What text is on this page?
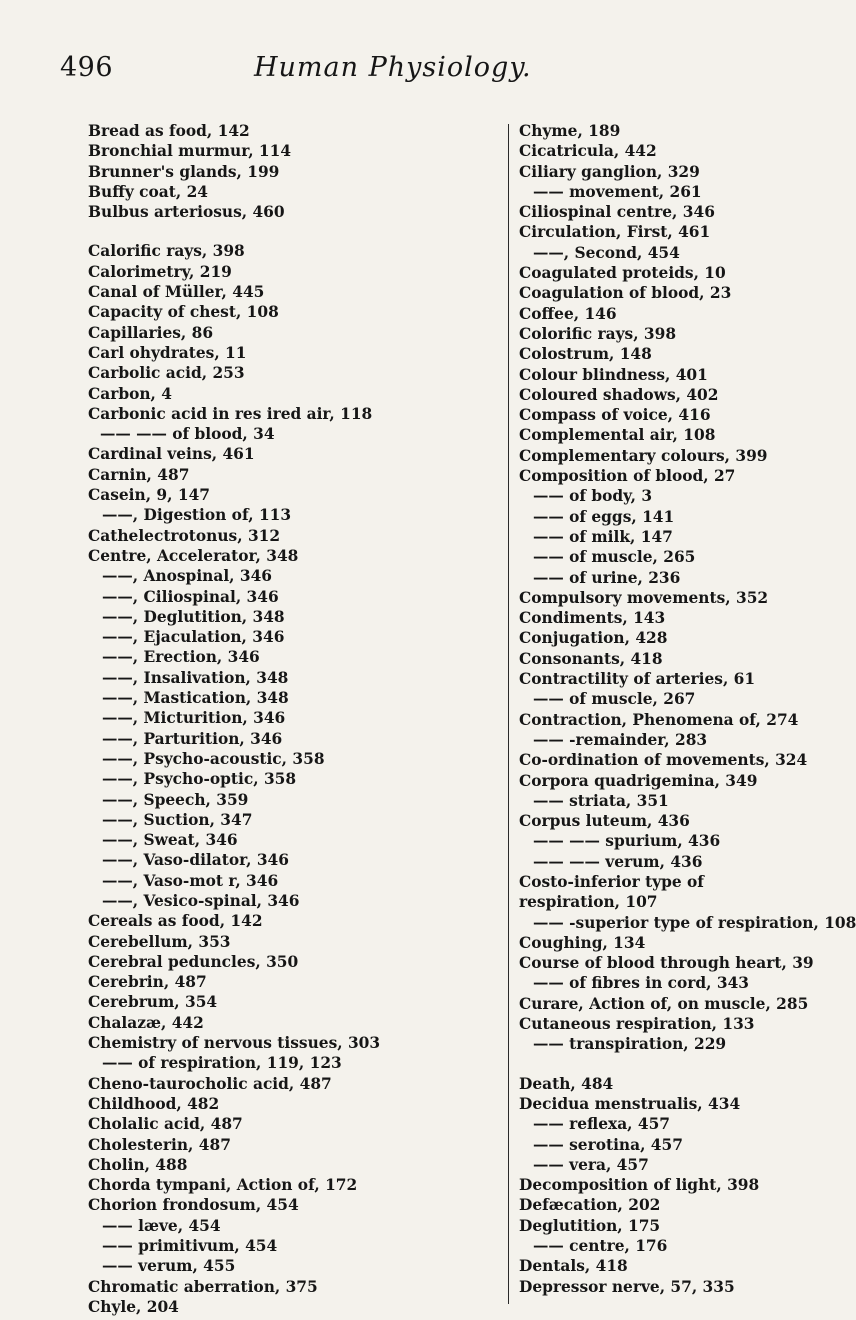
496	Human Physiology.
Bread as food, 142
Bronchial murmur, 114
Brunner's glands, 199
Buffy coat, 24
Bulbus arteriosus, 460
Calorific rays, 398
Calorimetry, 219
Canal of Müller, 445
Capacity of chest, 108
Capillaries, 86
Carl ohydrates, 11
Carbolic acid, 253
Carbon, 4
Carbonic acid in res ired air, 118
—— —— of blood, 34
Cardinal veins, 461
Carnin, 487
Casein, 9, 147
——, Digestion of, 113
Cathelectrotonus, 312
Centre, Accelerator, 348
——, Anospinal, 346
——, Ciliospinal, 346
——, Deglutition, 348
——, Ejaculation, 346
——, Erection, 346
——, Insalivation, 348
——, Mastication, 348
——, Micturition, 346
——, Parturition, 346
——, Psycho-acoustic, 358
——, Psycho-optic, 358
——, Speech, 359
——, Suction, 347
——, Sweat, 346
——, Vaso-dilator, 346
——, Vaso-mot r, 346
——, Vesico-spinal, 346
Cereals as food, 142
Cerebellum, 353
Cerebral peduncles, 350
Cerebrin, 487
Cerebrum, 354
Chalazæ, 442
Chemistry of nervous tissues, 303
—— of respiration, 119, 123
Cheno-taurocholic acid, 487
Childhood, 482
Cholalic acid, 487
Cholesterin, 487
Cholin, 488
Chorda tympani, Action of, 172
Chorion frondosum, 454
—— læve, 454
—— primitivum, 454
—— verum, 455
Chromatic aberration, 375
Chyle, 204
Chyme, 189
Cicatricula, 442
Ciliary ganglion, 329
—— movement, 261
Ciliospinal centre, 346
Circulation, First, 461
——, Second, 454
Coagulated proteids, 10
Coagulation of blood, 23
Coffee, 146
Colorific rays, 398
Colostrum, 148
Colour blindness, 401
Coloured shadows, 402
Compass of voice, 416
Complemental air, 108
Complementary colours, 399
Composition of blood, 27
—— of body, 3
—— of eggs, 141
—— of milk, 147
—— of muscle, 265
—— of urine, 236
Compulsory movements, 352
Condiments, 143
Conjugation, 428
Consonants, 418
Contractility of arteries, 61
—— of muscle, 267
Contraction, Phenomena of, 274
—— -remainder, 283
Co-ordination of movements, 324
Corpora quadrigemina, 349
—— striata, 351
Corpus luteum, 436
—— —— spurium, 436
—— —— verum, 436
Costo-inferior type of respiration, 107
—— -superior type of respiration, 108
Coughing, 134
Course of blood through heart, 39
—— of fibres in cord, 343
Curare, Action of, on muscle, 285
Cutaneous respiration, 133
—— transpiration, 229
Death, 484
Decidua menstrualis, 434
—— reflexa, 457
—— serotina, 457
—— vera, 457
Decomposition of light, 398
Defæcation, 202
Deglutition, 175
—— centre, 176
Dentals, 418
Depressor nerve, 57, 335
